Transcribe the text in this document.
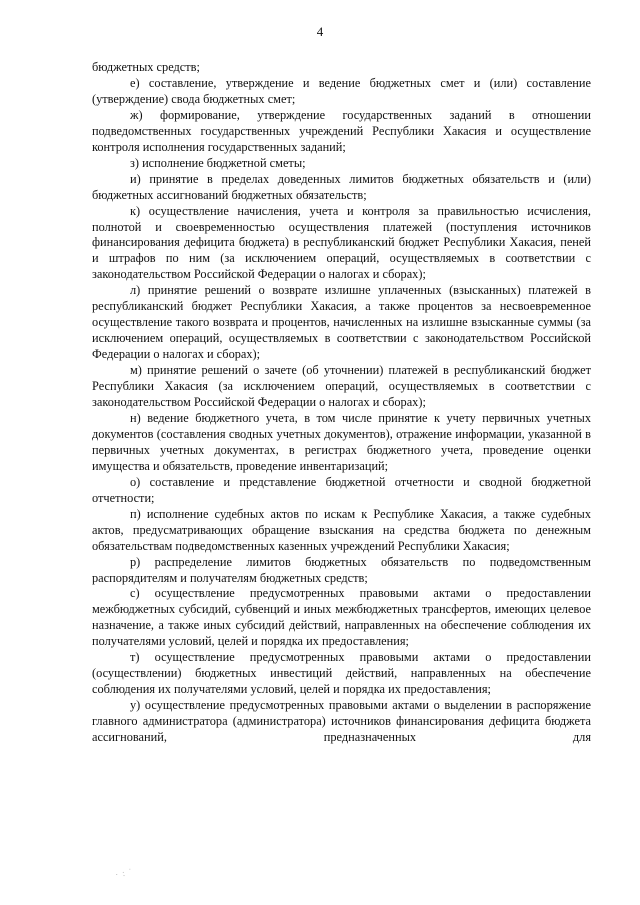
4

бюджетных средств;

е) составление, утверждение и ведение бюджетных смет и (или) составление (утверждение) свода бюджетных смет;

ж) формирование, утверждение государственных заданий в отношении подведомственных государственных учреждений Республики Хакасия и осуществление контроля исполнения государственных заданий;

з) исполнение бюджетной сметы;

и) принятие в пределах доведенных лимитов бюджетных обязательств и (или) бюджетных ассигнований бюджетных обязательств;

к) осуществление начисления, учета и контроля за правильностью исчисления, полнотой и своевременностью осуществления платежей (поступления источников финансирования дефицита бюджета) в республиканский бюджет Республики Хакасия, пеней и штрафов по ним (за исключением операций, осуществляемых в соответствии с законодательством Российской Федерации о налогах и сборах);

л) принятие решений о возврате излишне уплаченных (взысканных) платежей в республиканский бюджет Республики Хакасия, а также процентов за несвоевременное осуществление такого возврата и процентов, начисленных на излишне взысканные суммы (за исключением операций, осуществляемых в соответствии с законодательством Российской Федерации о налогах и сборах);

м) принятие решений о зачете (об уточнении) платежей в республиканский бюджет Республики Хакасия (за исключением операций, осуществляемых в соответствии с законодательством Российской Федерации о налогах и сборах);

н) ведение бюджетного учета, в том числе принятие к учету первичных учетных документов (составления сводных учетных документов), отражение информации, указанной в первичных учетных документах, в регистрах бюджетного учета, проведение оценки имущества и обязательств, проведение инвентаризаций;

о) составление и представление бюджетной отчетности и сводной бюджетной отчетности;

п) исполнение судебных актов по искам к Республике Хакасия, а также судебных актов, предусматривающих обращение взыскания на средства бюджета по денежным обязательствам подведомственных казенных учреждений Республики Хакасия;

р) распределение лимитов бюджетных обязательств по подведомственным распорядителям и получателям бюджетных средств;

с) осуществление предусмотренных правовыми актами о предоставлении межбюджетных субсидий, субвенций и иных межбюджетных трансфертов, имеющих целевое назначение, а также иных субсидий действий, направленных на обеспечение соблюдения их получателями условий, целей и порядка их предоставления;

т) осуществление предусмотренных правовыми актами о предоставлении (осуществлении) бюджетных инвестиций действий, направленных на обеспечение соблюдения их получателями условий, целей и порядка их предоставления;

у) осуществление предусмотренных правовыми актами о выделении в распоряжение главного администратора (администратора) источников финансирования дефицита бюджета ассигнований, предназначенных для

· : ˙
